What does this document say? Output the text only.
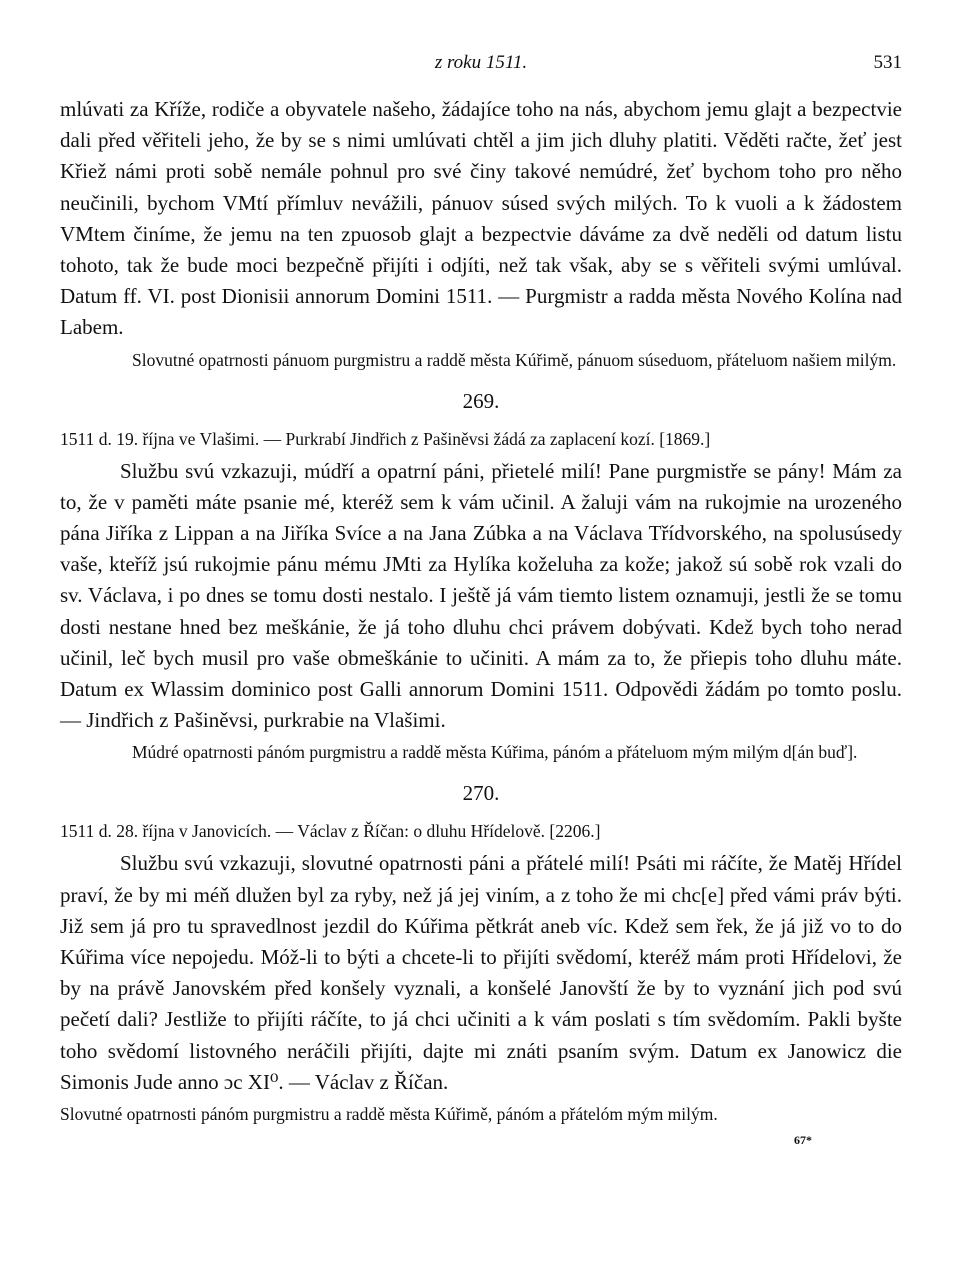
z roku 1511.	531

mlúvati za Kříže, rodiče a obyvatele našeho, žádajíce toho na nás, abychom jemu glajt a bezpectvie dali před věřiteli jeho, že by se s nimi umlúvati chtěl a jim jich dluhy platiti. Věděti račte, žeť jest Křiež námi proti sobě nemále pohnul pro své činy takové nemúdré, žeť bychom toho pro něho neučinili, bychom VMtí přímluv nevážili, pánuov súsed svých milých. To k vuoli a k žádostem VMtem činíme, že jemu na ten zpuosob glajt a bezpectvie dáváme za dvě neděli od datum listu tohoto, tak že bude moci bezpečně přijíti i odjíti, než tak však, aby se s věřiteli svými umlúval. Datum ff. VI. post Dionisii annorum Domini 1511. — Purgmistr a radda města Nového Kolína nad Labem.

Slovutné opatrnosti pánuom purgmistru a raddě města Kúřimě, pánuom súseduom, přáteluom našiem milým.

269.
1511 d. 19. října ve Vlašimi. — Purkrabí Jindřich z Pašiněvsi žádá za zaplacení kozí. [1869.]

Službu svú vzkazuji, múdří a opatrní páni, přietelé milí! Pane purgmistře se pány! Mám za to, že v paměti máte psanie mé, kteréž sem k vám učinil. A žaluji vám na rukojmie na urozeného pána Jiříka z Lippan a na Jiříka Svíce a na Jana Zúbka a na Václava Třídvorského, na spolusúsedy vaše, kteříž jsú rukojmie pánu mému JMti za Hylíka koželuha za kože; jakož sú sobě rok vzali do sv. Václava, i po dnes se tomu dosti nestalo. I ještě já vám tiemto listem oznamuji, jestli že se tomu dosti nestane hned bez meškánie, že já toho dluhu chci právem dobývati. Kdež bych toho nerad učinil, leč bych musil pro vaše obmeškánie to učiniti. A mám za to, že přiepis toho dluhu máte. Datum ex Wlassim dominico post Galli annorum Domini 1511. Odpovědi žádám po tomto poslu. — Jindřich z Pašiněvsi, purkrabie na Vlašimi.

Múdré opatrnosti pánóm purgmistru a raddě města Kúřima, pánóm a přáteluom mým milým d[án buď].

270.
1511 d. 28. října v Janovicích. — Václav z Říčan: o dluhu Hřídelově. [2206.]

Službu svú vzkazuji, slovutné opatrnosti páni a přátelé milí! Psáti mi ráčíte, že Matěj Hřídel praví, že by mi méň dlužen byl za ryby, než já jej viním, a z toho že mi chc[e] před vámi práv býti. Již sem já pro tu spravedlnost jezdil do Kúřima pětkrát aneb víc. Kdež sem řek, že já již vo to do Kúřima více nepojedu. Móž-li to býti a chcete-li to přijíti svědomí, kteréž mám proti Hřídelovi, že by na právě Janovském před konšely vyznali, a konšelé Janovští že by to vyznání jich pod svú pečetí dali? Jestliže to přijíti ráčíte, to já chci učiniti a k vám poslati s tím svědomím. Pakli byšte toho svědomí listovného neráčili přijíti, dajte mi znáti psaním svým. Datum ex Janowicz die Simonis Jude anno ɔc XI⁰. — Václav z Říčan.

Slovutné opatrnosti pánóm purgmistru a raddě města Kúřimě, pánóm a přátelóm mým milým.

67*
